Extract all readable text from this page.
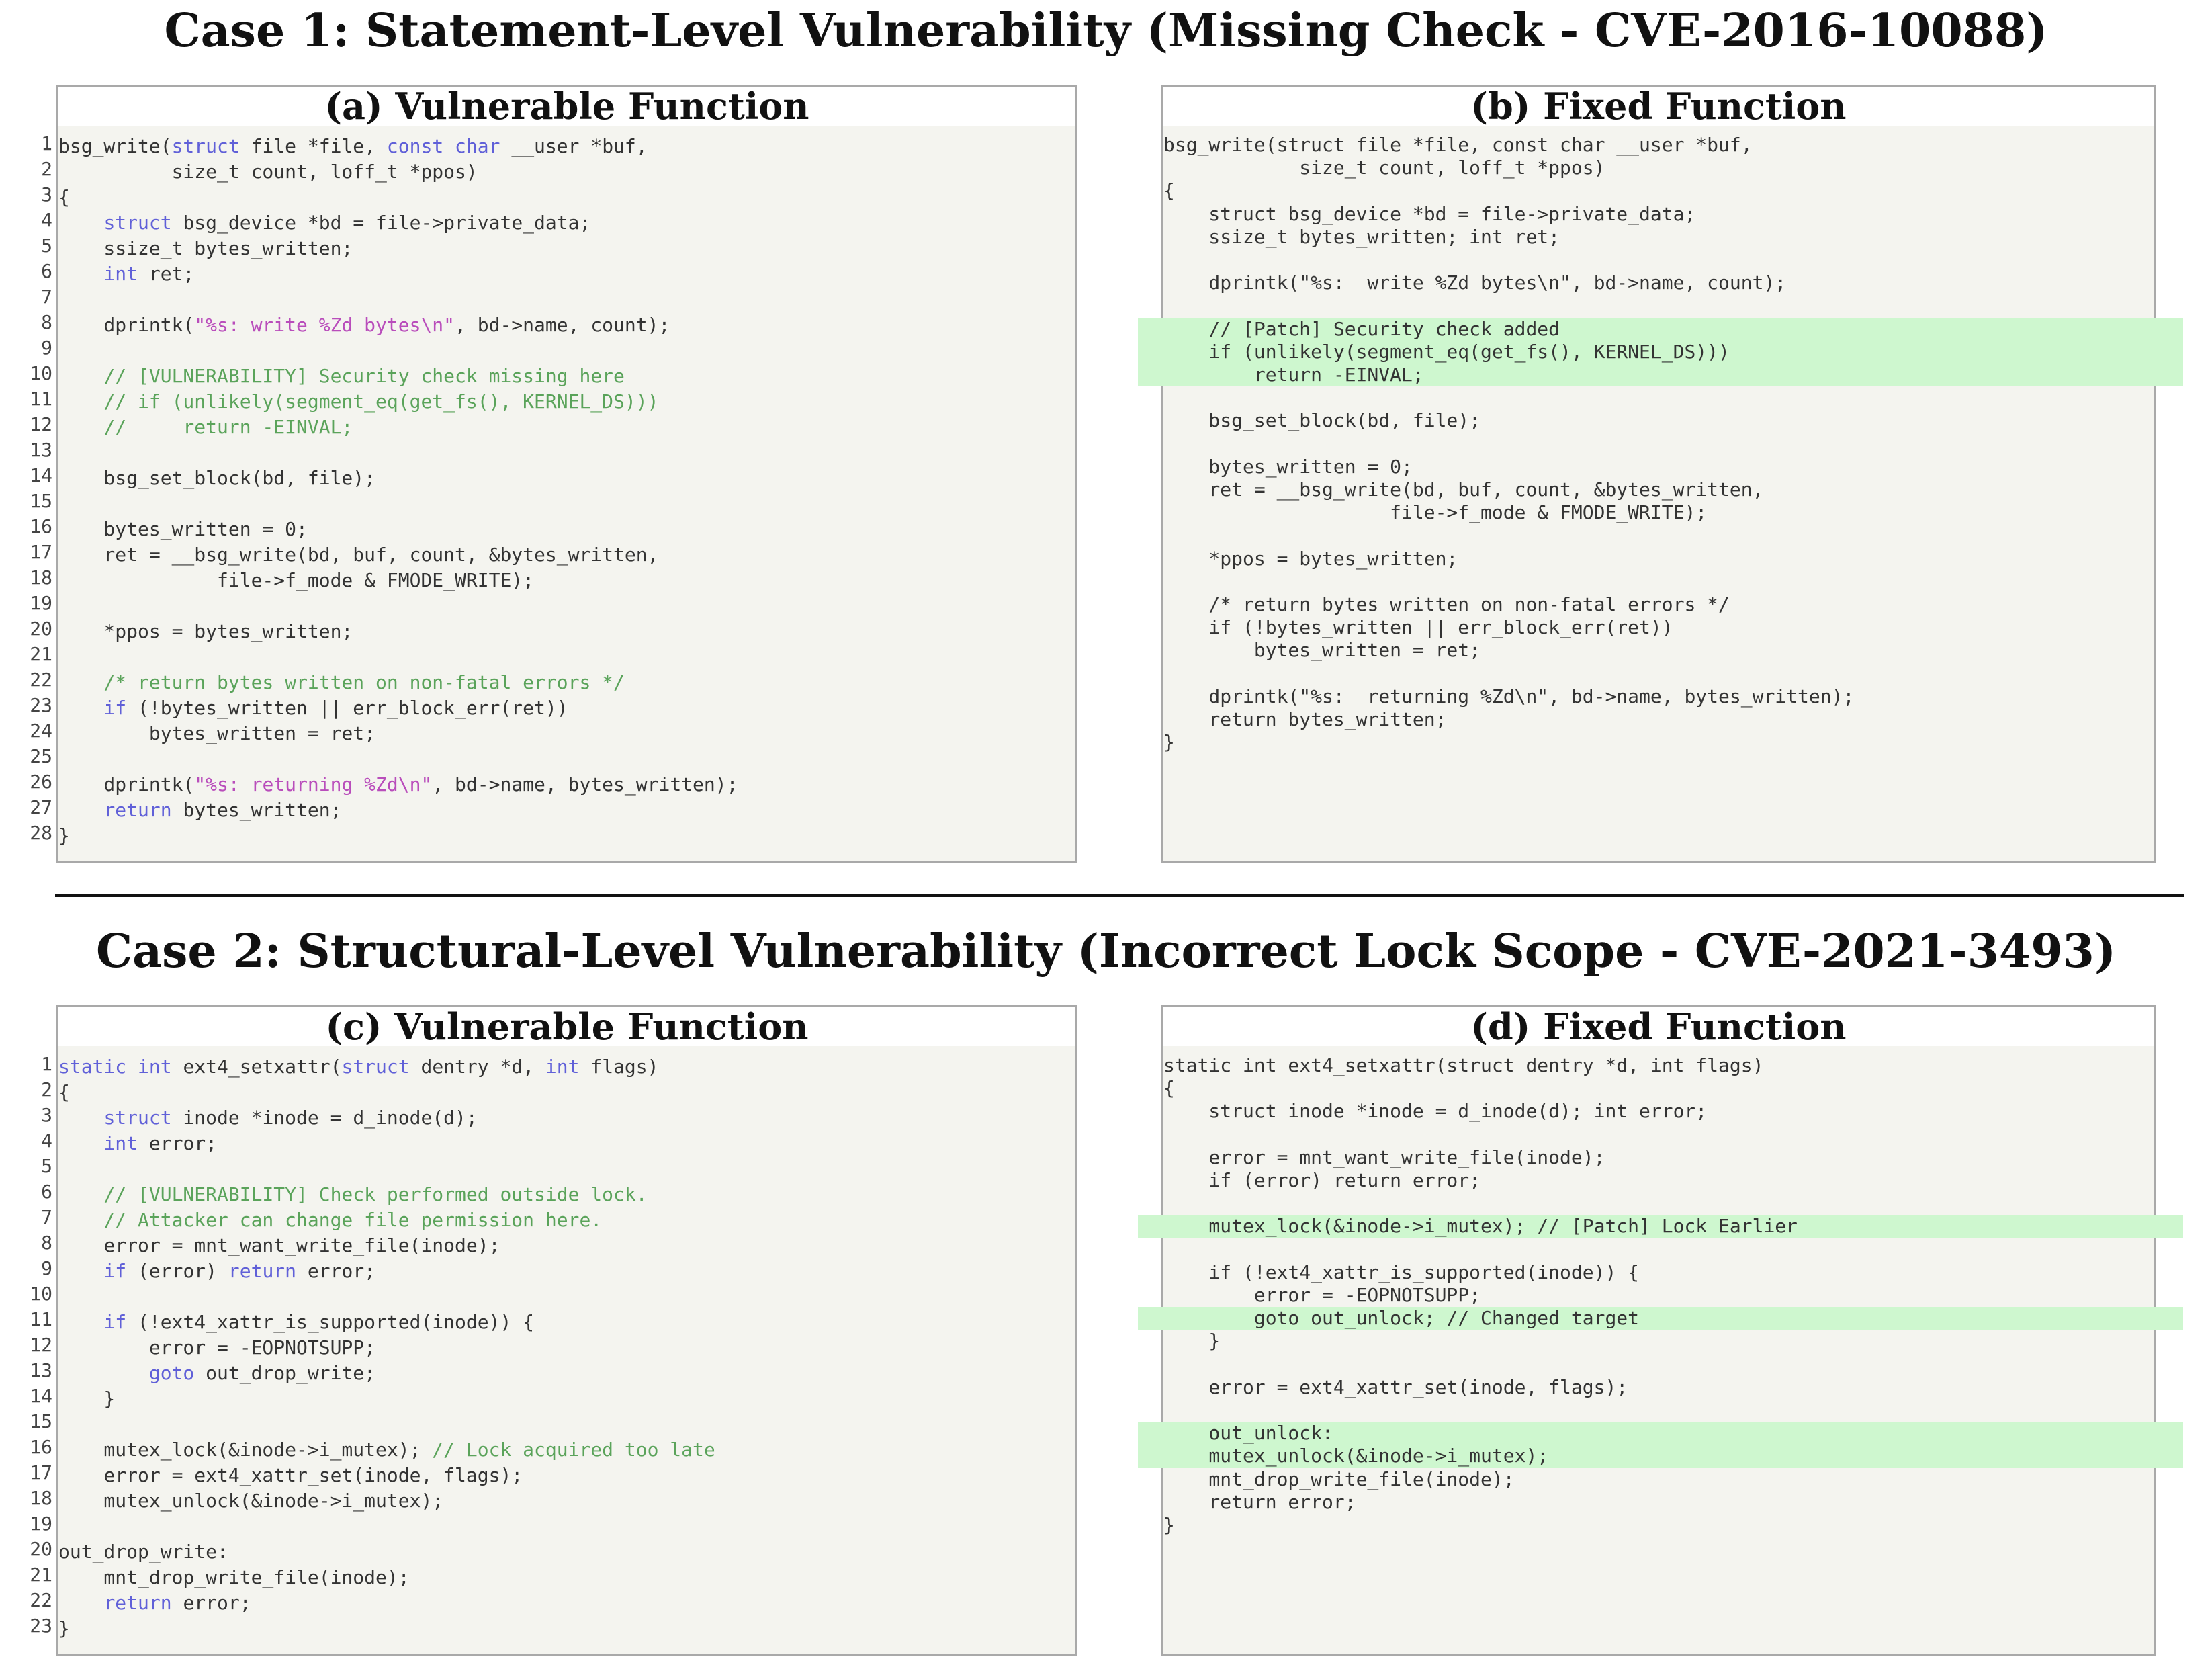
Case 1: Statement-Level Vulnerability (Missing Check - CVE-2016-10088)
(a) Vulnerable Function
bsg_write(struct file *file, const char __user *buf,
size_t count, loff_t *ppos)
{
struct bsg_device *bd = file->private_data;
ssize_t bytes_written;
int ret;
dprintk("%s: write %Zd bytes\n", bd->name, count);
// [VULNERABILITY] Security check missing here
// if (unlikely(segment_eq(get_fs(), KERNEL_DS)))
//     return -EINVAL;
bsg_set_block(bd, file);
bytes_written = 0;
ret = __bsg_write(bd, buf, count, &bytes_written,
file->f_mode & FMODE_WRITE);
*ppos = bytes_written;
/* return bytes written on non-fatal errors */
if (!bytes_written || err_block_err(ret))
bytes_written = ret;
dprintk("%s: returning %Zd\n", bd->name, bytes_written);
return bytes_written;
}
(b) Fixed Function
bsg_write(struct file *file, const char __user *buf,
size_t count, loff_t *ppos)
{
struct bsg_device *bd = file->private_data;
ssize_t bytes_written; int ret;
dprintk("%s:  write %Zd bytes\n", bd->name, count);
// [Patch] Security check added
if (unlikely(segment_eq(get_fs(), KERNEL_DS)))
return -EINVAL;
bsg_set_block(bd, file);
bytes_written = 0;
ret = __bsg_write(bd, buf, count, &bytes_written,
file->f_mode & FMODE_WRITE);
*ppos = bytes_written;
/* return bytes written on non-fatal errors */
if (!bytes_written || err_block_err(ret))
bytes_written = ret;
dprintk("%s:  returning %Zd\n", bd->name, bytes_written);
return bytes_written;
}
Case 2: Structural-Level Vulnerability (Incorrect Lock Scope - CVE-2021-3493)
(c) Vulnerable Function
static int ext4_setxattr(struct dentry *d, int flags)
{
struct inode *inode = d_inode(d);
int error;
// [VULNERABILITY] Check performed outside lock.
// Attacker can change file permission here.
error = mnt_want_write_file(inode);
if (error) return error;
if (!ext4_xattr_is_supported(inode)) {
error = -EOPNOTSUPP;
goto out_drop_write;
}
mutex_lock(&inode->i_mutex); // Lock acquired too late
error = ext4_xattr_set(inode, flags);
mutex_unlock(&inode->i_mutex);
out_drop_write:
mnt_drop_write_file(inode);
return error;
}
(d) Fixed Function
static int ext4_setxattr(struct dentry *d, int flags)
{
struct inode *inode = d_inode(d); int error;
error = mnt_want_write_file(inode);
if (error) return error;
mutex_lock(&inode->i_mutex); // [Patch] Lock Earlier
if (!ext4_xattr_is_supported(inode)) {
error = -EOPNOTSUPP;
goto out_unlock; // Changed target
}
error = ext4_xattr_set(inode, flags);
out_unlock:
mutex_unlock(&inode->i_mutex);
mnt_drop_write_file(inode);
return error;
}
1
2
3
4
5
6
7
8
9
10
11
12
13
14
15
16
17
18
19
20
21
22
23
24
25
26
27
28
1
2
3
4
5
6
7
8
9
10
11
12
13
14
15
16
17
18
19
20
21
22
23
